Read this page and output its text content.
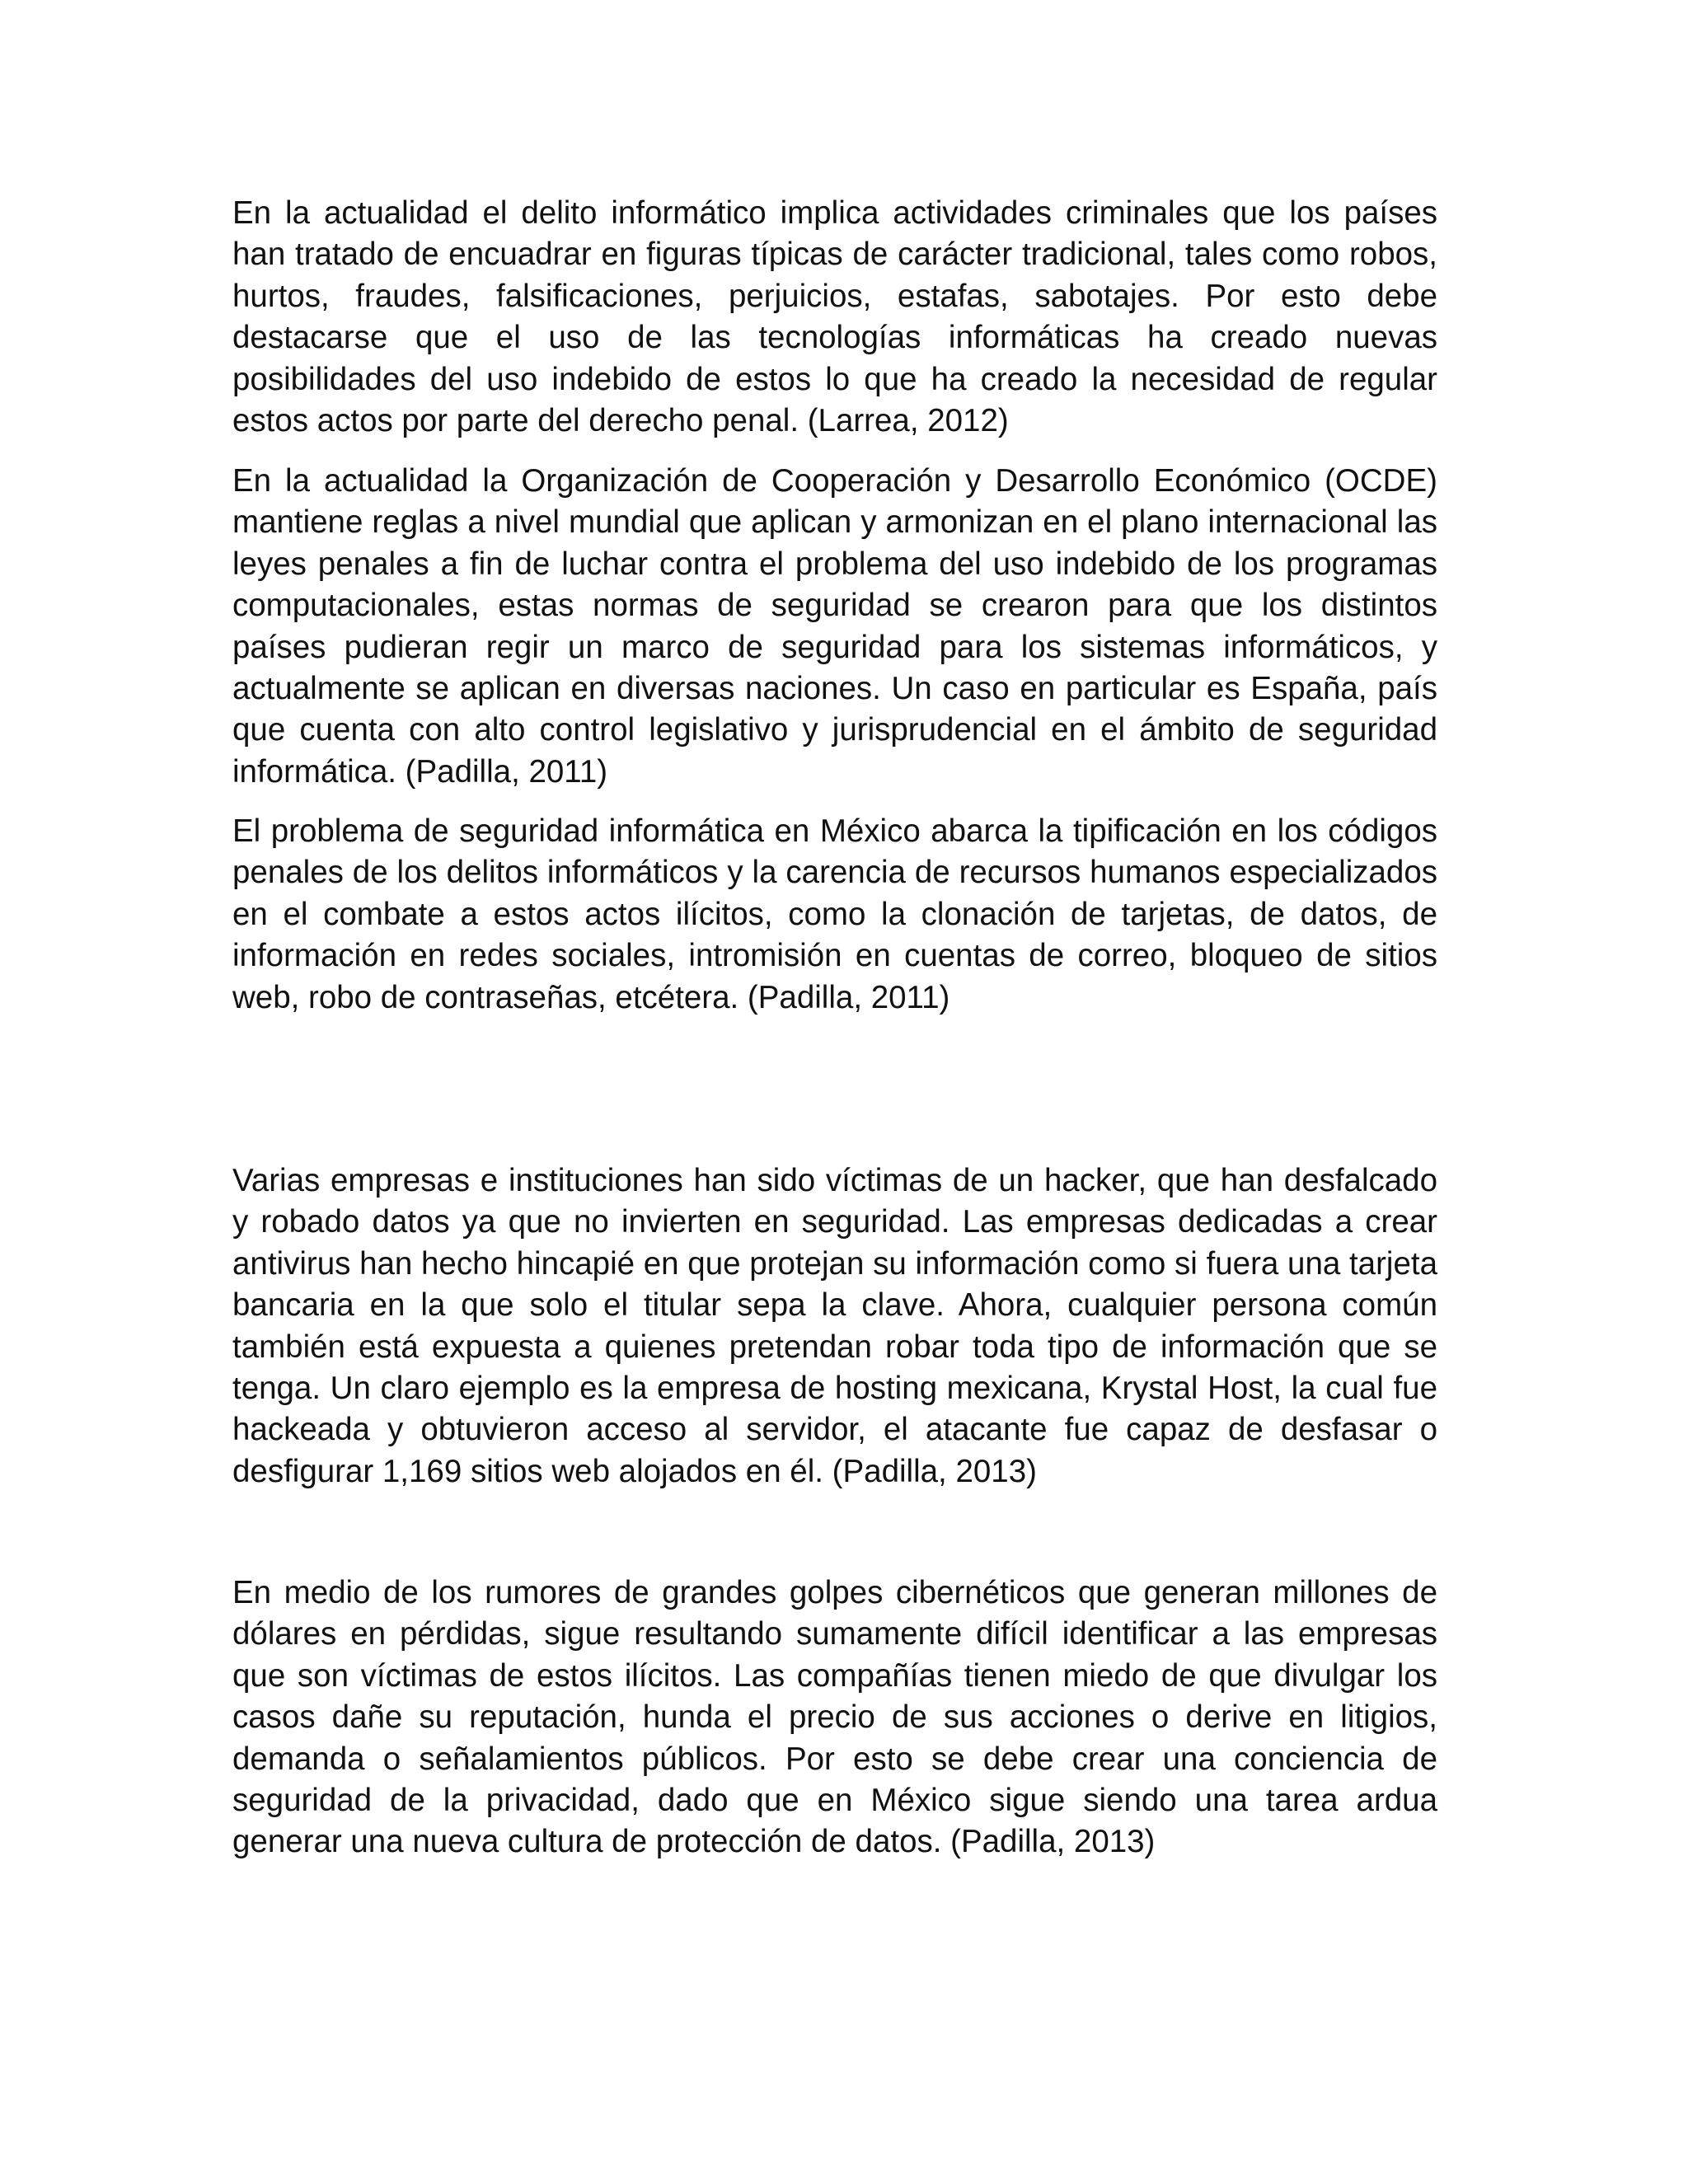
En la actualidad el delito informático implica actividades criminales que los países han tratado de encuadrar en figuras típicas de carácter tradicional, tales como robos, hurtos, fraudes, falsificaciones, perjuicios, estafas, sabotajes. Por esto debe destacarse que el uso de las tecnologías informáticas ha creado nuevas posibilidades del uso indebido de estos lo que ha creado la necesidad de regular estos actos por parte del derecho penal. (Larrea, 2012)

En la actualidad la Organización de Cooperación y Desarrollo Económico (OCDE) mantiene reglas a nivel mundial que aplican y armonizan en el plano internacional las leyes penales a fin de luchar contra el problema del uso indebido de los programas computacionales, estas normas de seguridad se crearon para que los distintos países pudieran regir un marco de seguridad para los sistemas informáticos, y actualmente se aplican en diversas naciones. Un caso en particular es España, país que cuenta con alto control legislativo y jurisprudencial en el ámbito de seguridad informática. (Padilla, 2011)

El problema de seguridad informática en México abarca la tipificación en los códigos penales de los delitos informáticos y la carencia de recursos humanos especializados en el combate a estos actos ilícitos, como la clonación de tarjetas, de datos, de información en redes sociales, intromisión en cuentas de correo, bloqueo de sitios web, robo de contraseñas, etcétera. (Padilla, 2011)

Varias empresas e instituciones han sido víctimas de un hacker, que han desfalcado y robado datos ya que no invierten en seguridad. Las empresas dedicadas a crear antivirus han hecho hincapié en que protejan su información como si fuera una tarjeta bancaria en la que solo el titular sepa la clave. Ahora, cualquier persona común también está expuesta a quienes pretendan robar toda tipo de información que se tenga. Un claro ejemplo es la empresa de hosting mexicana, Krystal Host, la cual fue hackeada y obtuvieron acceso al servidor, el atacante fue capaz de desfasar o desfigurar 1,169 sitios web alojados en él. (Padilla, 2013)

En medio de los rumores de grandes golpes cibernéticos que generan millones de dólares en pérdidas, sigue resultando sumamente difícil identificar a las empresas que son víctimas de estos ilícitos. Las compañías tienen miedo de que divulgar los casos dañe su reputación, hunda el precio de sus acciones o derive en litigios, demanda o señalamientos públicos. Por esto se debe crear una conciencia de seguridad de la privacidad, dado que en México sigue siendo una tarea ardua generar una nueva cultura de protección de datos. (Padilla, 2013)
